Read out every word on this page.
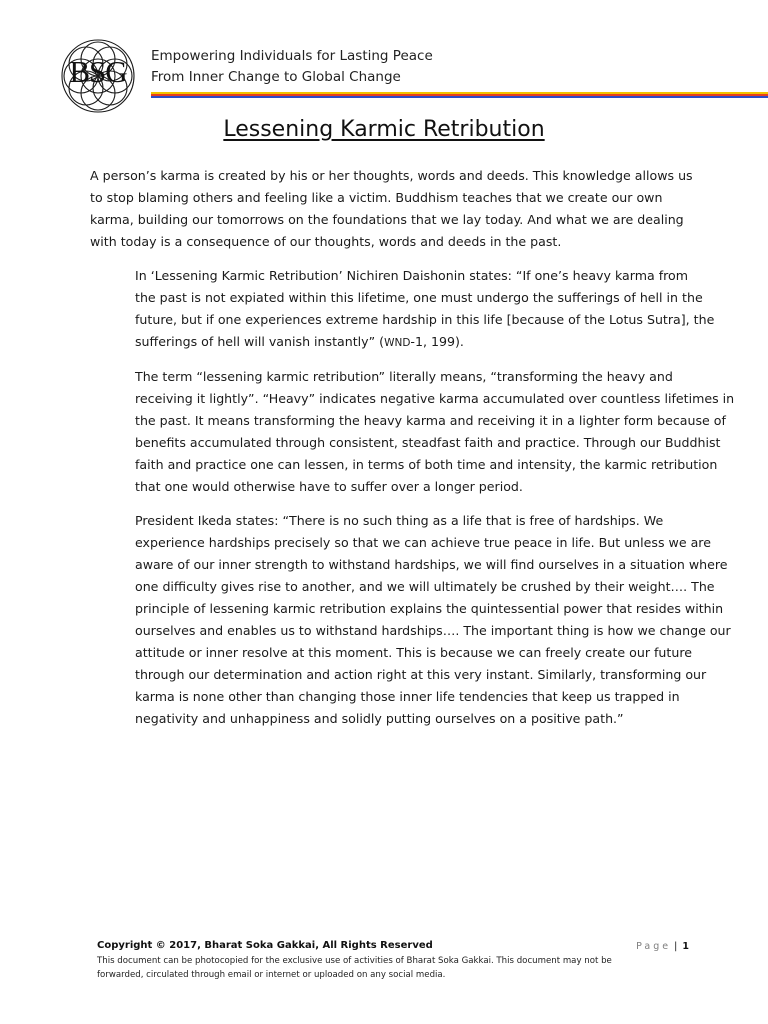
BSG	Empowering Individuals for Lasting Peace
From Inner Change to Global Change
Lessening Karmic Retribution
A person’s karma is created by his or her thoughts, words and deeds. This knowledge allows us
to stop blaming others and feeling like a victim. Buddhism teaches that we create our own
karma, building our tomorrows on the foundations that we lay today. And what we are dealing
with today is a consequence of our thoughts, words and deeds in the past.
In ‘Lessening Karmic Retribution’ Nichiren Daishonin states: “If one’s heavy karma from
the past is not expiated within this lifetime, one must undergo the sufferings of hell in the
future, but if one experiences extreme hardship in this life [because of the Lotus Sutra], the
sufferings of hell will vanish instantly” (WND-1, 199).
The term “lessening karmic retribution” literally means, “transforming the heavy and
receiving it lightly”. “Heavy” indicates negative karma accumulated over countless lifetimes in
the past. It means transforming the heavy karma and receiving it in a lighter form because of
benefits accumulated through consistent, steadfast faith and practice. Through our Buddhist
faith and practice one can lessen, in terms of both time and intensity, the karmic retribution
that one would otherwise have to suffer over a longer period.
President Ikeda states: “There is no such thing as a life that is free of hardships. We
experience hardships precisely so that we can achieve true peace in life. But unless we are
aware of our inner strength to withstand hardships, we will find ourselves in a situation where
one difficulty gives rise to another, and we will ultimately be crushed by their weight…. The
principle of lessening karmic retribution explains the quintessential power that resides within
ourselves and enables us to withstand hardships…. The important thing is how we change our
attitude or inner resolve at this moment. This is because we can freely create our future
through our determination and action right at this very instant. Similarly, transforming our
karma is none other than changing those inner life tendencies that keep us trapped in
negativity and unhappiness and solidly putting ourselves on a positive path.”
Copyright © 2017, Bharat Soka Gakkai, All Rights Reserved	Page | 1
This document can be photocopied for the exclusive use of activities of Bharat Soka Gakkai. This document may not be
forwarded, circulated through email or internet or uploaded on any social media.
